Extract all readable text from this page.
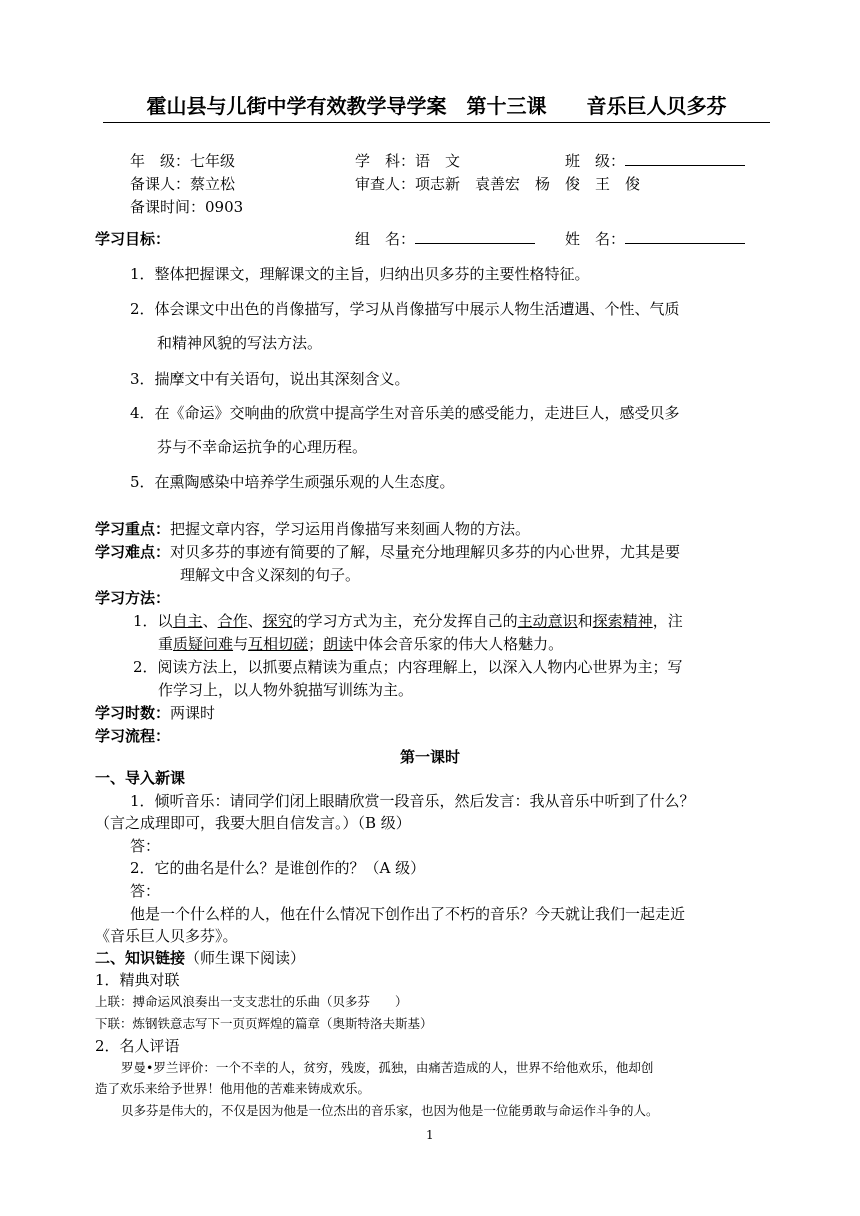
霍山县与儿街中学有效教学导学案　第十三课　　音乐巨人贝多芬
年　级：七年级	学　科：语　文	班　级：
备课人：蔡立松	审查人：项志新　袁善宏　杨　俊　王　俊
备课时间：0903
学习目标：	组　名：	姓　名：
1．整体把握课文，理解课文的主旨，归纳出贝多芬的主要性格特征。
2．体会课文中出色的肖像描写，学习从肖像描写中展示人物生活遭遇、个性、气质
和精神风貌的写法方法。
3．揣摩文中有关语句，说出其深刻含义。
4．在《命运》交响曲的欣赏中提高学生对音乐美的感受能力，走进巨人，感受贝多
芬与不幸命运抗争的心理历程。
5．在熏陶感染中培养学生顽强乐观的人生态度。
学习重点：把握文章内容，学习运用肖像描写来刻画人物的方法。
学习难点：对贝多芬的事迹有简要的了解，尽量充分地理解贝多芬的内心世界，尤其是要
理解文中含义深刻的句子。
学习方法：
1．以自主、合作、探究的学习方式为主，充分发挥自己的主动意识和探索精神，注
重质疑问难与互相切磋；朗读中体会音乐家的伟大人格魅力。
2．阅读方法上，以抓要点精读为重点；内容理解上，以深入人物内心世界为主；写
作学习上，以人物外貌描写训练为主。
学习时数：两课时
学习流程：
第一课时
一、导入新课
1．倾听音乐：请同学们闭上眼睛欣赏一段音乐，然后发言：我从音乐中听到了什么？
（言之成理即可，我要大胆自信发言。）（B 级）
答：
2．它的曲名是什么？是谁创作的？（A 级）
答：
他是一个什么样的人，他在什么情况下创作出了不朽的音乐？今天就让我们一起走近
《音乐巨人贝多芬》。
二、知识链接（师生课下阅读）
1．精典对联
上联：搏命运风浪奏出一支支悲壮的乐曲（贝多芬　　）
下联：炼钢铁意志写下一页页辉煌的篇章（奥斯特洛夫斯基）
2．名人评语
罗曼•罗兰评价：一个不幸的人，贫穷，残废，孤独，由痛苦造成的人，世界不给他欢乐，他却创
造了欢乐来给予世界！他用他的苦难来铸成欢乐。
贝多芬是伟大的，不仅是因为他是一位杰出的音乐家，也因为他是一位能勇敢与命运作斗争的人。
1
